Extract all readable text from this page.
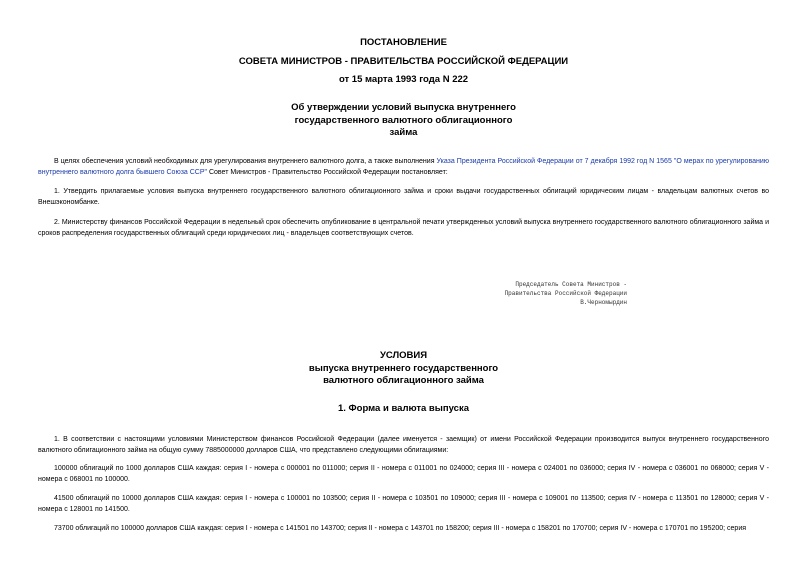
ПОСТАНОВЛЕНИЕ
СОВЕТА МИНИСТРОВ - ПРАВИТЕЛЬСТВА РОССИЙСКОЙ ФЕДЕРАЦИИ
от 15 марта 1993 года N 222
Об утверждении условий выпуска внутреннего
государственного валютного облигационного
займа
В целях обеспечения условий необходимых для урегулирования внутреннего валютного долга, а также выполнения Указа Президента Российской Федерации от 7 декабря 1992 год N 1565 "О мерах по урегулированию внутреннего валютного долга бывшего Союза ССР" Совет Министров - Правительство Российской Федерации постановляет:
1. Утвердить прилагаемые условия выпуска внутреннего государственного валютного облигационного займа и сроки выдачи государственных облигаций юридическим лицам - владельцам валютных счетов во Внешэкономбанке.
2. Министерству финансов Российской Федерации в недельный срок обеспечить опубликование в центральной печати утвержденных условий выпуска внутреннего государственного валютного облигационного займа и сроков распределения государственных облигаций среди юридических лиц - владельцев соответствующих счетов.
Председатель Совета Министров -
Правительства Российской Федерации
В.Черномырдин
УСЛОВИЯ
выпуска внутреннего государственного
валютного облигационного займа
1. Форма и валюта выпуска
1. В соответствии с настоящими условиями Министерством финансов Российской Федерации (далее именуется - заемщик) от имени Российской Федерации производится выпуск внутреннего государственного валютного облигационного займа на общую сумму 7885000000 долларов США, что представлено следующими облигациями:
100000 облигаций по 1000 долларов США каждая: серия I - номера с 000001 по 011000; серия II - номера с 011001 по 024000; серия III - номера с 024001 по 036000; серия IV - номера с 036001 по 068000; серия V - номера с 068001 по 100000.
41500 облигаций по 10000 долларов США каждая: серия I - номера с 100001 по 103500; серия II - номера с 103501 по 109000; серия III - номера с 109001 по 113500; серия IV - номера с 113501 по 128000; серия V - номера с 128001 по 141500.
73700 облигаций по 100000 долларов США каждая: серия I - номера с 141501 по 143700; серия II - номера с 143701 по 158200; серия III - номера с 158201 по 170700; серия IV - номера с 170701 по 195200; серия
